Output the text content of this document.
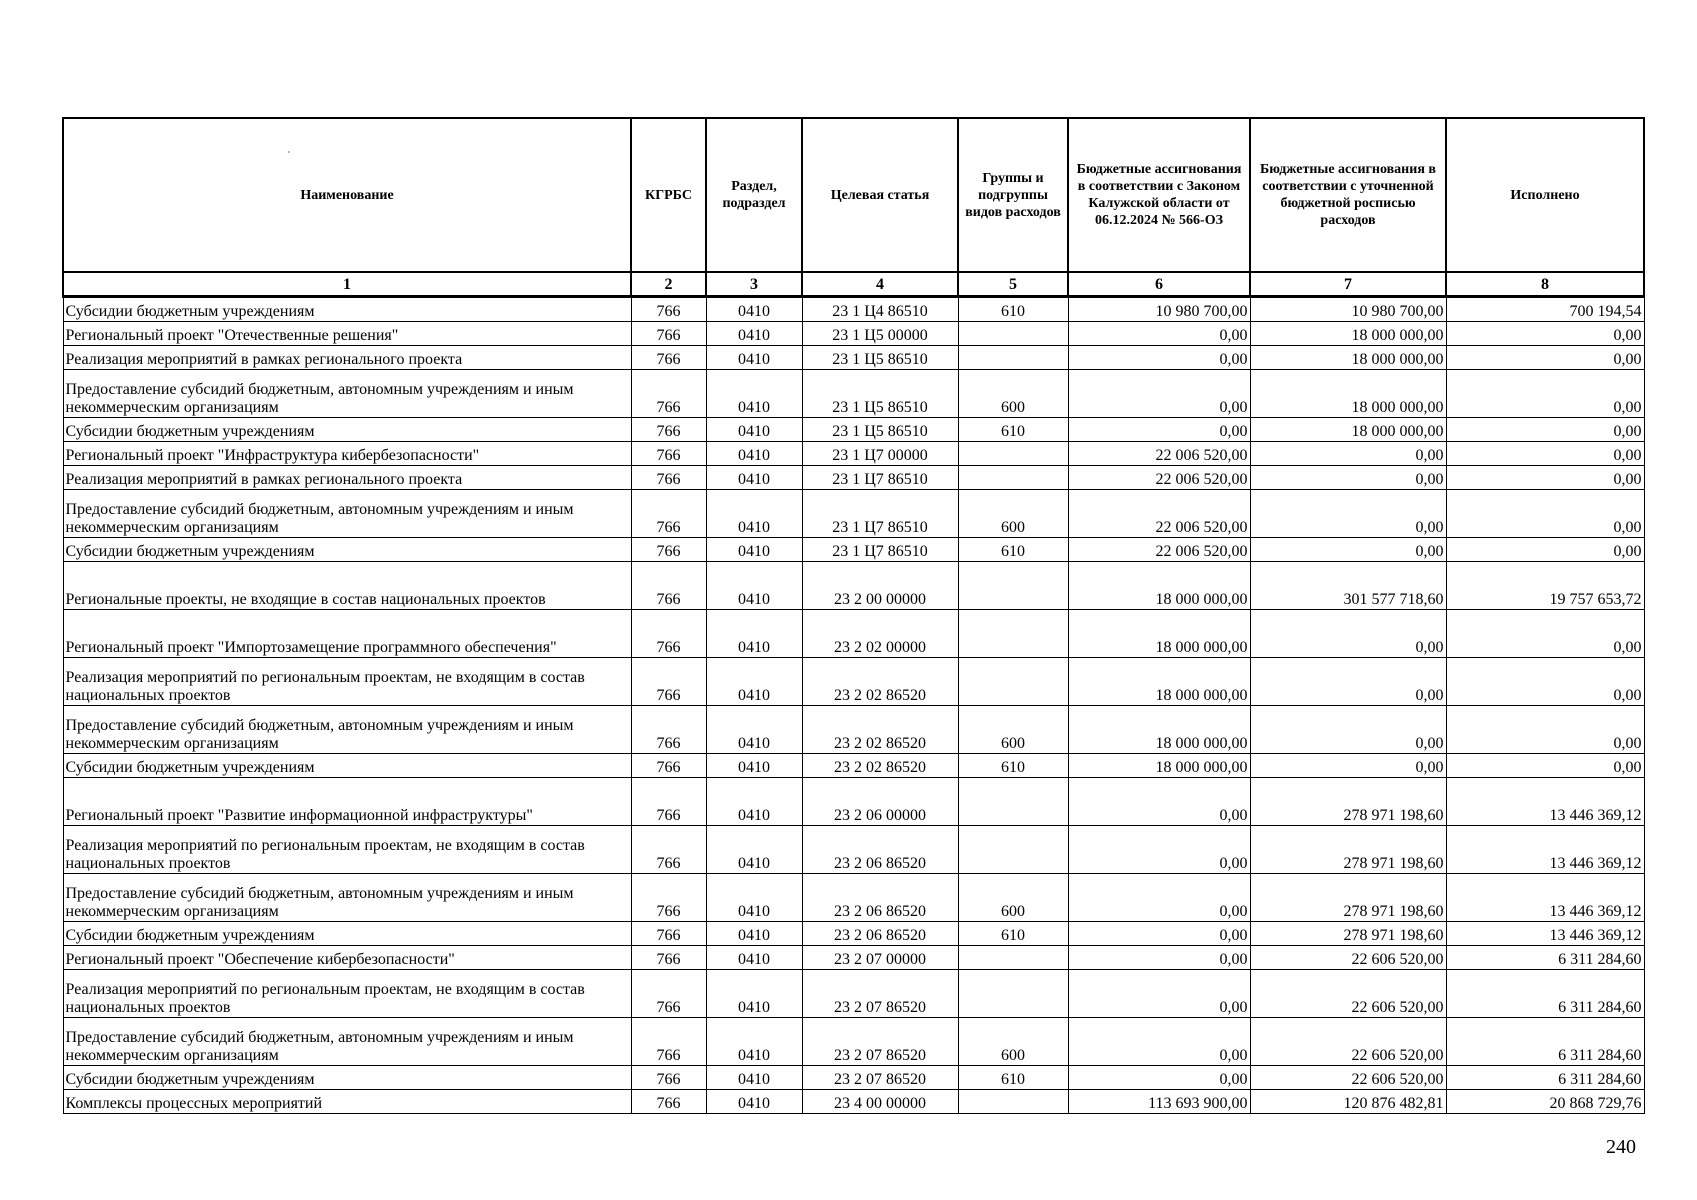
Наименование	КГРБС	Раздел, подраздел	Целевая статья	Группы и подгруппы видов расходов	Бюджетные ассигнования в соответствии с Законом Калужской области от 06.12.2024 № 566-ОЗ	Бюджетные ассигнования в соответствии с уточненной бюджетной росписью расходов	Исполнено
1	2	3	4	5	6	7	8
Субсидии бюджетным учреждениям	766	0410	23 1 Ц4 86510	610	10 980 700,00	10 980 700,00	700 194,54
Региональный проект "Отечественные решения"	766	0410	23 1 Ц5 00000		0,00	18 000 000,00	0,00
Реализация мероприятий в рамках регионального проекта	766	0410	23 1 Ц5 86510		0,00	18 000 000,00	0,00
Предоставление субсидий бюджетным, автономным учреждениям и иным некоммерческим организациям	766	0410	23 1 Ц5 86510	600	0,00	18 000 000,00	0,00
Субсидии бюджетным учреждениям	766	0410	23 1 Ц5 86510	610	0,00	18 000 000,00	0,00
Региональный проект "Инфраструктура кибербезопасности"	766	0410	23 1 Ц7 00000		22 006 520,00	0,00	0,00
Реализация мероприятий в рамках регионального проекта	766	0410	23 1 Ц7 86510		22 006 520,00	0,00	0,00
Предоставление субсидий бюджетным, автономным учреждениям и иным некоммерческим организациям	766	0410	23 1 Ц7 86510	600	22 006 520,00	0,00	0,00
Субсидии бюджетным учреждениям	766	0410	23 1 Ц7 86510	610	22 006 520,00	0,00	0,00
Региональные проекты, не входящие в состав национальных проектов	766	0410	23 2 00 00000		18 000 000,00	301 577 718,60	19 757 653,72
Региональный проект "Импортозамещение программного обеспечения"	766	0410	23 2 02 00000		18 000 000,00	0,00	0,00
Реализация мероприятий по региональным проектам, не входящим в состав национальных проектов	766	0410	23 2 02 86520		18 000 000,00	0,00	0,00
Предоставление субсидий бюджетным, автономным учреждениям и иным некоммерческим организациям	766	0410	23 2 02 86520	600	18 000 000,00	0,00	0,00
Субсидии бюджетным учреждениям	766	0410	23 2 02 86520	610	18 000 000,00	0,00	0,00
Региональный проект "Развитие информационной инфраструктуры"	766	0410	23 2 06 00000		0,00	278 971 198,60	13 446 369,12
Реализация мероприятий по региональным проектам, не входящим в состав национальных проектов	766	0410	23 2 06 86520		0,00	278 971 198,60	13 446 369,12
Предоставление субсидий бюджетным, автономным учреждениям и иным некоммерческим организациям	766	0410	23 2 06 86520	600	0,00	278 971 198,60	13 446 369,12
Субсидии бюджетным учреждениям	766	0410	23 2 06 86520	610	0,00	278 971 198,60	13 446 369,12
Региональный проект "Обеспечение кибербезопасности"	766	0410	23 2 07 00000		0,00	22 606 520,00	6 311 284,60
Реализация мероприятий по региональным проектам, не входящим в состав национальных проектов	766	0410	23 2 07 86520		0,00	22 606 520,00	6 311 284,60
Предоставление субсидий бюджетным, автономным учреждениям и иным некоммерческим организациям	766	0410	23 2 07 86520	600	0,00	22 606 520,00	6 311 284,60
Субсидии бюджетным учреждениям	766	0410	23 2 07 86520	610	0,00	22 606 520,00	6 311 284,60
Комплексы процессных мероприятий	766	0410	23 4 00 00000		113 693 900,00	120 876 482,81	20 868 729,76
240
